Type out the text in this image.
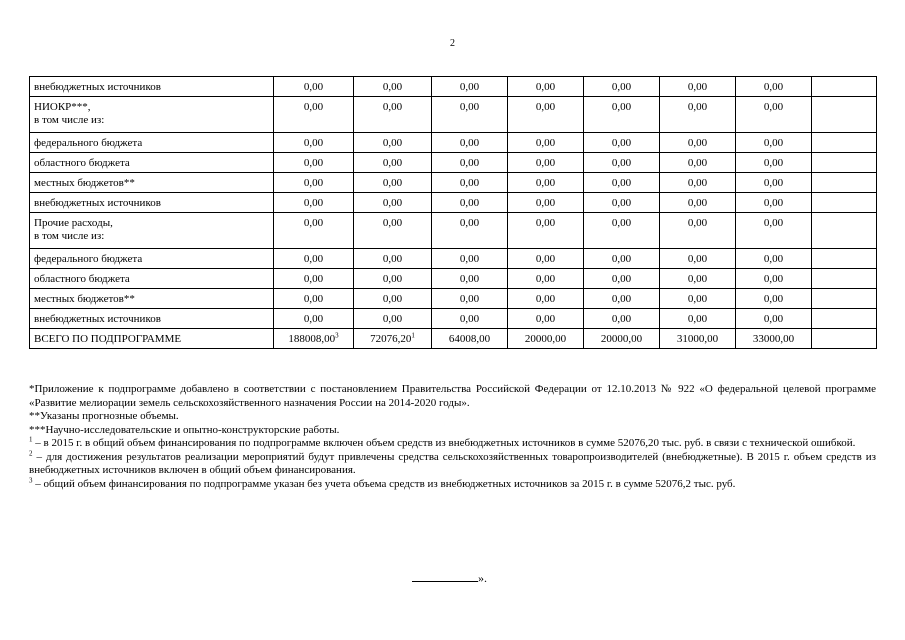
2
внебюджетных источников	0,00	0,00	0,00	0,00	0,00	0,00	0,00	
НИОКР***,
в том числе из:	0,00	0,00	0,00	0,00	0,00	0,00	0,00	
федерального бюджета	0,00	0,00	0,00	0,00	0,00	0,00	0,00	
областного бюджета	0,00	0,00	0,00	0,00	0,00	0,00	0,00	
местных бюджетов**	0,00	0,00	0,00	0,00	0,00	0,00	0,00	
внебюджетных источников	0,00	0,00	0,00	0,00	0,00	0,00	0,00	
Прочие расходы,
в том числе из:	0,00	0,00	0,00	0,00	0,00	0,00	0,00	
федерального бюджета	0,00	0,00	0,00	0,00	0,00	0,00	0,00	
областного бюджета	0,00	0,00	0,00	0,00	0,00	0,00	0,00	
местных бюджетов**	0,00	0,00	0,00	0,00	0,00	0,00	0,00	
внебюджетных источников	0,00	0,00	0,00	0,00	0,00	0,00	0,00	
ВСЕГО ПО ПОДПРОГРАММЕ	188008,00$^3$	72076,20$^1$	64008,00	20000,00	20000,00	31000,00	33000,00	

*Приложение к подпрограмме добавлено в соответствии с постановлением Правительства Российской Федерации от 12.10.2013 № 922 «О федеральной целевой программе «Развитие мелиорации земель сельскохозяйственного назначения России на 2014-2020 годы».

**Указаны прогнозные объемы.

***Научно-исследовательские и опытно-конструкторские работы.

$^1$ – в 2015 г. в общий объем финансирования по подпрограмме включен объем средств из внебюджетных источников в сумме 52076,20 тыс. руб. в связи с технической ошибкой.

$^2$ – для достижения результатов реализации мероприятий будут привлечены средства сельскохозяйственных товаропроизводителей (внебюджетные). В 2015 г. объем средств из внебюджетных источников включен в общий объем финансирования.

$^3$ – общий объем финансирования по подпрограмме указан без учета объема средств из внебюджетных источников за 2015 г. в сумме 52076,2 тыс. руб.

».
